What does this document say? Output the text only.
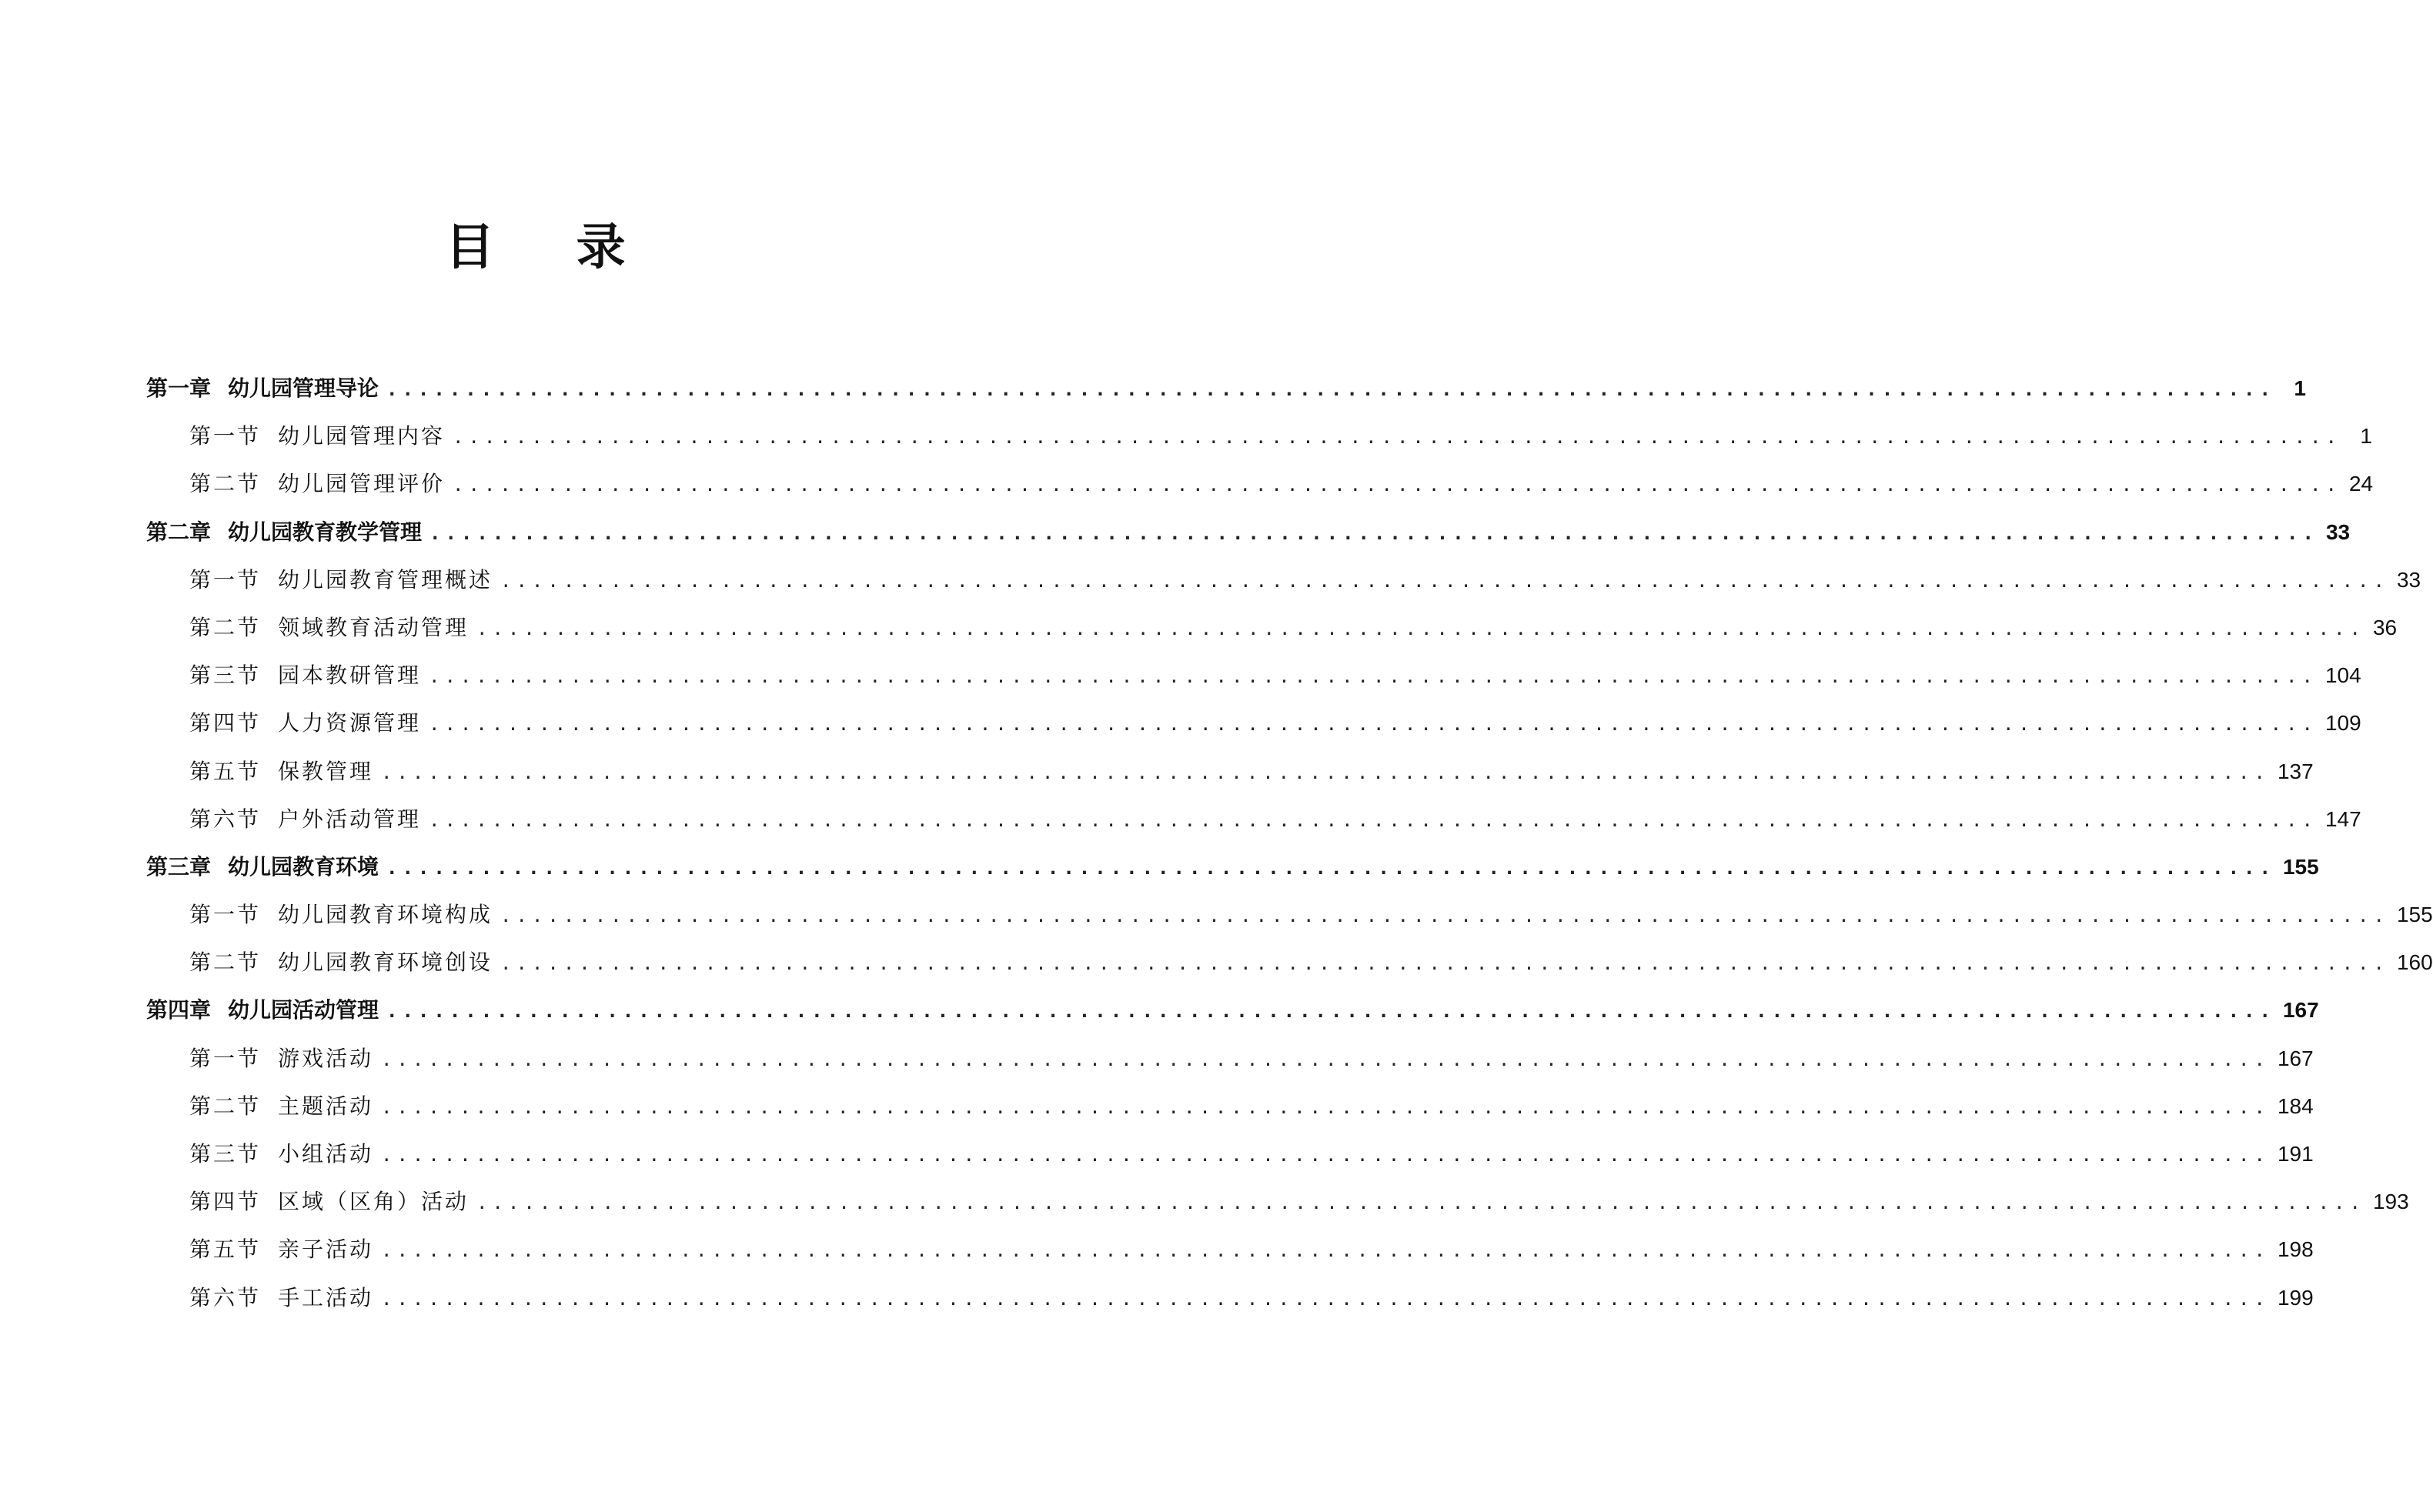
目 录
第一章 幼儿园管理导论 ........................................................................................................................ 1
第一节 幼儿园管理内容 ........................................................................................................................ 1
第二节 幼儿园管理评价 ........................................................................................................................ 24
第二章 幼儿园教育教学管理 ........................................................................................................................ 33
第一节 幼儿园教育管理概述 ........................................................................................................................ 33
第二节 领域教育活动管理 ........................................................................................................................ 36
第三节 园本教研管理 ........................................................................................................................ 104
第四节 人力资源管理 ........................................................................................................................ 109
第五节 保教管理 ........................................................................................................................ 137
第六节 户外活动管理 ........................................................................................................................ 147
第三章 幼儿园教育环境 ........................................................................................................................ 155
第一节 幼儿园教育环境构成 ........................................................................................................................ 155
第二节 幼儿园教育环境创设 ........................................................................................................................ 160
第四章 幼儿园活动管理 ........................................................................................................................ 167
第一节 游戏活动 ........................................................................................................................ 167
第二节 主题活动 ........................................................................................................................ 184
第三节 小组活动 ........................................................................................................................ 191
第四节 区域（区角）活动 ........................................................................................................................ 193
第五节 亲子活动 ........................................................................................................................ 198
第六节 手工活动 ........................................................................................................................ 199
